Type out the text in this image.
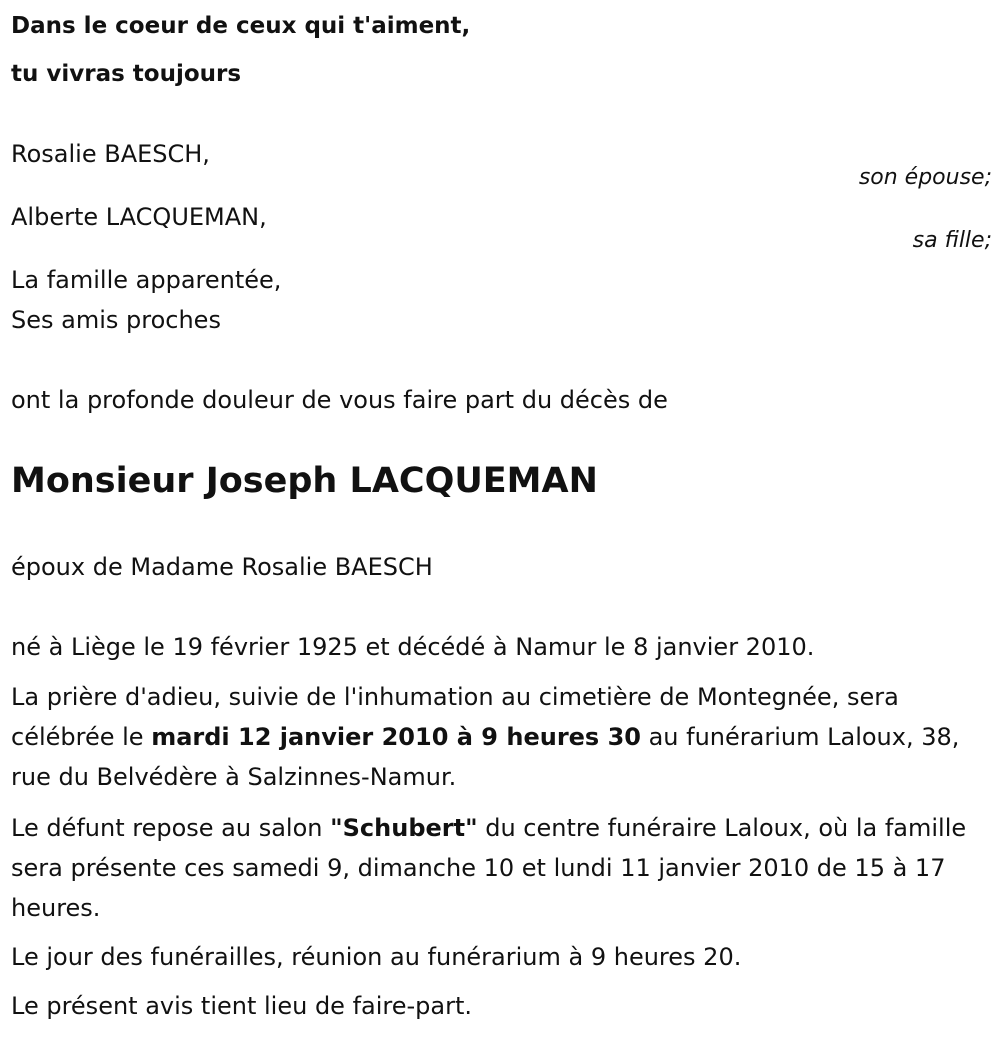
Dans le coeur de ceux qui t'aiment,

tu vivras toujours

Rosalie BAESCH,

son épouse;

Alberte LACQUEMAN,

sa fille;

La famille apparentée,

Ses amis proches

ont la profonde douleur de vous faire part du décès de

Monsieur Joseph LACQUEMAN

époux de Madame Rosalie BAESCH

né à Liège le 19 février 1925 et décédé à Namur le 8 janvier 2010.

La prière d'adieu, suivie de l'inhumation au cimetière de Montegnée, sera célébrée le mardi 12 janvier 2010 à 9 heures 30 au funérarium Laloux, 38, rue du Belvédère à Salzinnes-Namur.

Le défunt repose au salon "Schubert" du centre funéraire Laloux, où la famille sera présente ces samedi 9, dimanche 10 et lundi 11 janvier 2010 de 15 à 17 heures.

Le jour des funérailles, réunion au funérarium à 9 heures 20.

Le présent avis tient lieu de faire-part.
